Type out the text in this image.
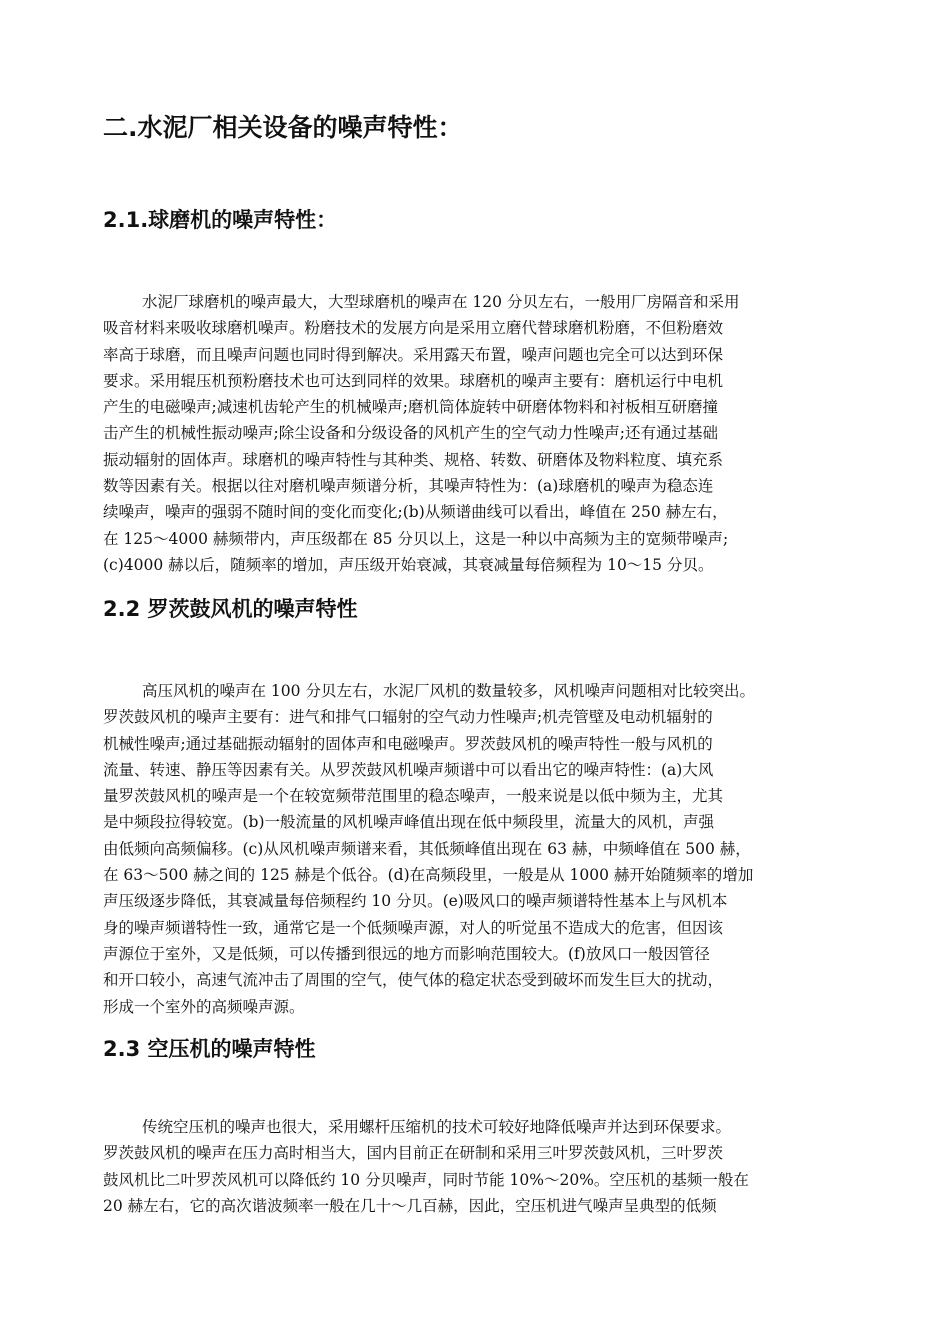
二.水泥厂相关设备的噪声特性：
2.1.球磨机的噪声特性：
水泥厂球磨机的噪声最大，大型球磨机的噪声在 120 分贝左右，一般用厂房隔音和采用
吸音材料来吸收球磨机噪声。粉磨技术的发展方向是采用立磨代替球磨机粉磨，不但粉磨效
率高于球磨，而且噪声问题也同时得到解决。采用露天布置，噪声问题也完全可以达到环保
要求。采用辊压机预粉磨技术也可达到同样的效果。球磨机的噪声主要有：磨机运行中电机
产生的电磁噪声;减速机齿轮产生的机械噪声;磨机筒体旋转中研磨体物料和衬板相互研磨撞
击产生的机械性振动噪声;除尘设备和分级设备的风机产生的空气动力性噪声;还有通过基础
振动辐射的固体声。球磨机的噪声特性与其种类、规格、转数、研磨体及物料粒度、填充系
数等因素有关。根据以往对磨机噪声频谱分析，其噪声特性为：(a)球磨机的噪声为稳态连
续噪声，噪声的强弱不随时间的变化而变化;(b)从频谱曲线可以看出，峰值在 250 赫左右，
在 125～4000 赫频带内，声压级都在 85 分贝以上，这是一种以中高频为主的宽频带噪声;
(c)4000 赫以后，随频率的增加，声压级开始衰减，其衰减量每倍频程为 10～15 分贝。
2.2 罗茨鼓风机的噪声特性
高压风机的噪声在 100 分贝左右，水泥厂风机的数量较多，风机噪声问题相对比较突出。
罗茨鼓风机的噪声主要有：进气和排气口辐射的空气动力性噪声;机壳管壁及电动机辐射的
机械性噪声;通过基础振动辐射的固体声和电磁噪声。罗茨鼓风机的噪声特性一般与风机的
流量、转速、静压等因素有关。从罗茨鼓风机噪声频谱中可以看出它的噪声特性：(a)大风
量罗茨鼓风机的噪声是一个在较宽频带范围里的稳态噪声，一般来说是以低中频为主，尤其
是中频段拉得较宽。(b)一般流量的风机噪声峰值出现在低中频段里，流量大的风机，声强
由低频向高频偏移。(c)从风机噪声频谱来看，其低频峰值出现在 63 赫，中频峰值在 500 赫，
在 63～500 赫之间的 125 赫是个低谷。(d)在高频段里，一般是从 1000 赫开始随频率的增加
声压级逐步降低，其衰减量每倍频程约 10 分贝。(e)吸风口的噪声频谱特性基本上与风机本
身的噪声频谱特性一致，通常它是一个低频噪声源，对人的听觉虽不造成大的危害，但因该
声源位于室外，又是低频，可以传播到很远的地方而影响范围较大。(f)放风口一般因管径
和开口较小，高速气流冲击了周围的空气，使气体的稳定状态受到破坏而发生巨大的扰动，
形成一个室外的高频噪声源。
2.3 空压机的噪声特性
传统空压机的噪声也很大，采用螺杆压缩机的技术可较好地降低噪声并达到环保要求。
罗茨鼓风机的噪声在压力高时相当大，国内目前正在研制和采用三叶罗茨鼓风机，三叶罗茨
鼓风机比二叶罗茨风机可以降低约 10 分贝噪声，同时节能 10%～20%。空压机的基频一般在
20 赫左右，它的高次谐波频率一般在几十～几百赫，因此，空压机进气噪声呈典型的低频
